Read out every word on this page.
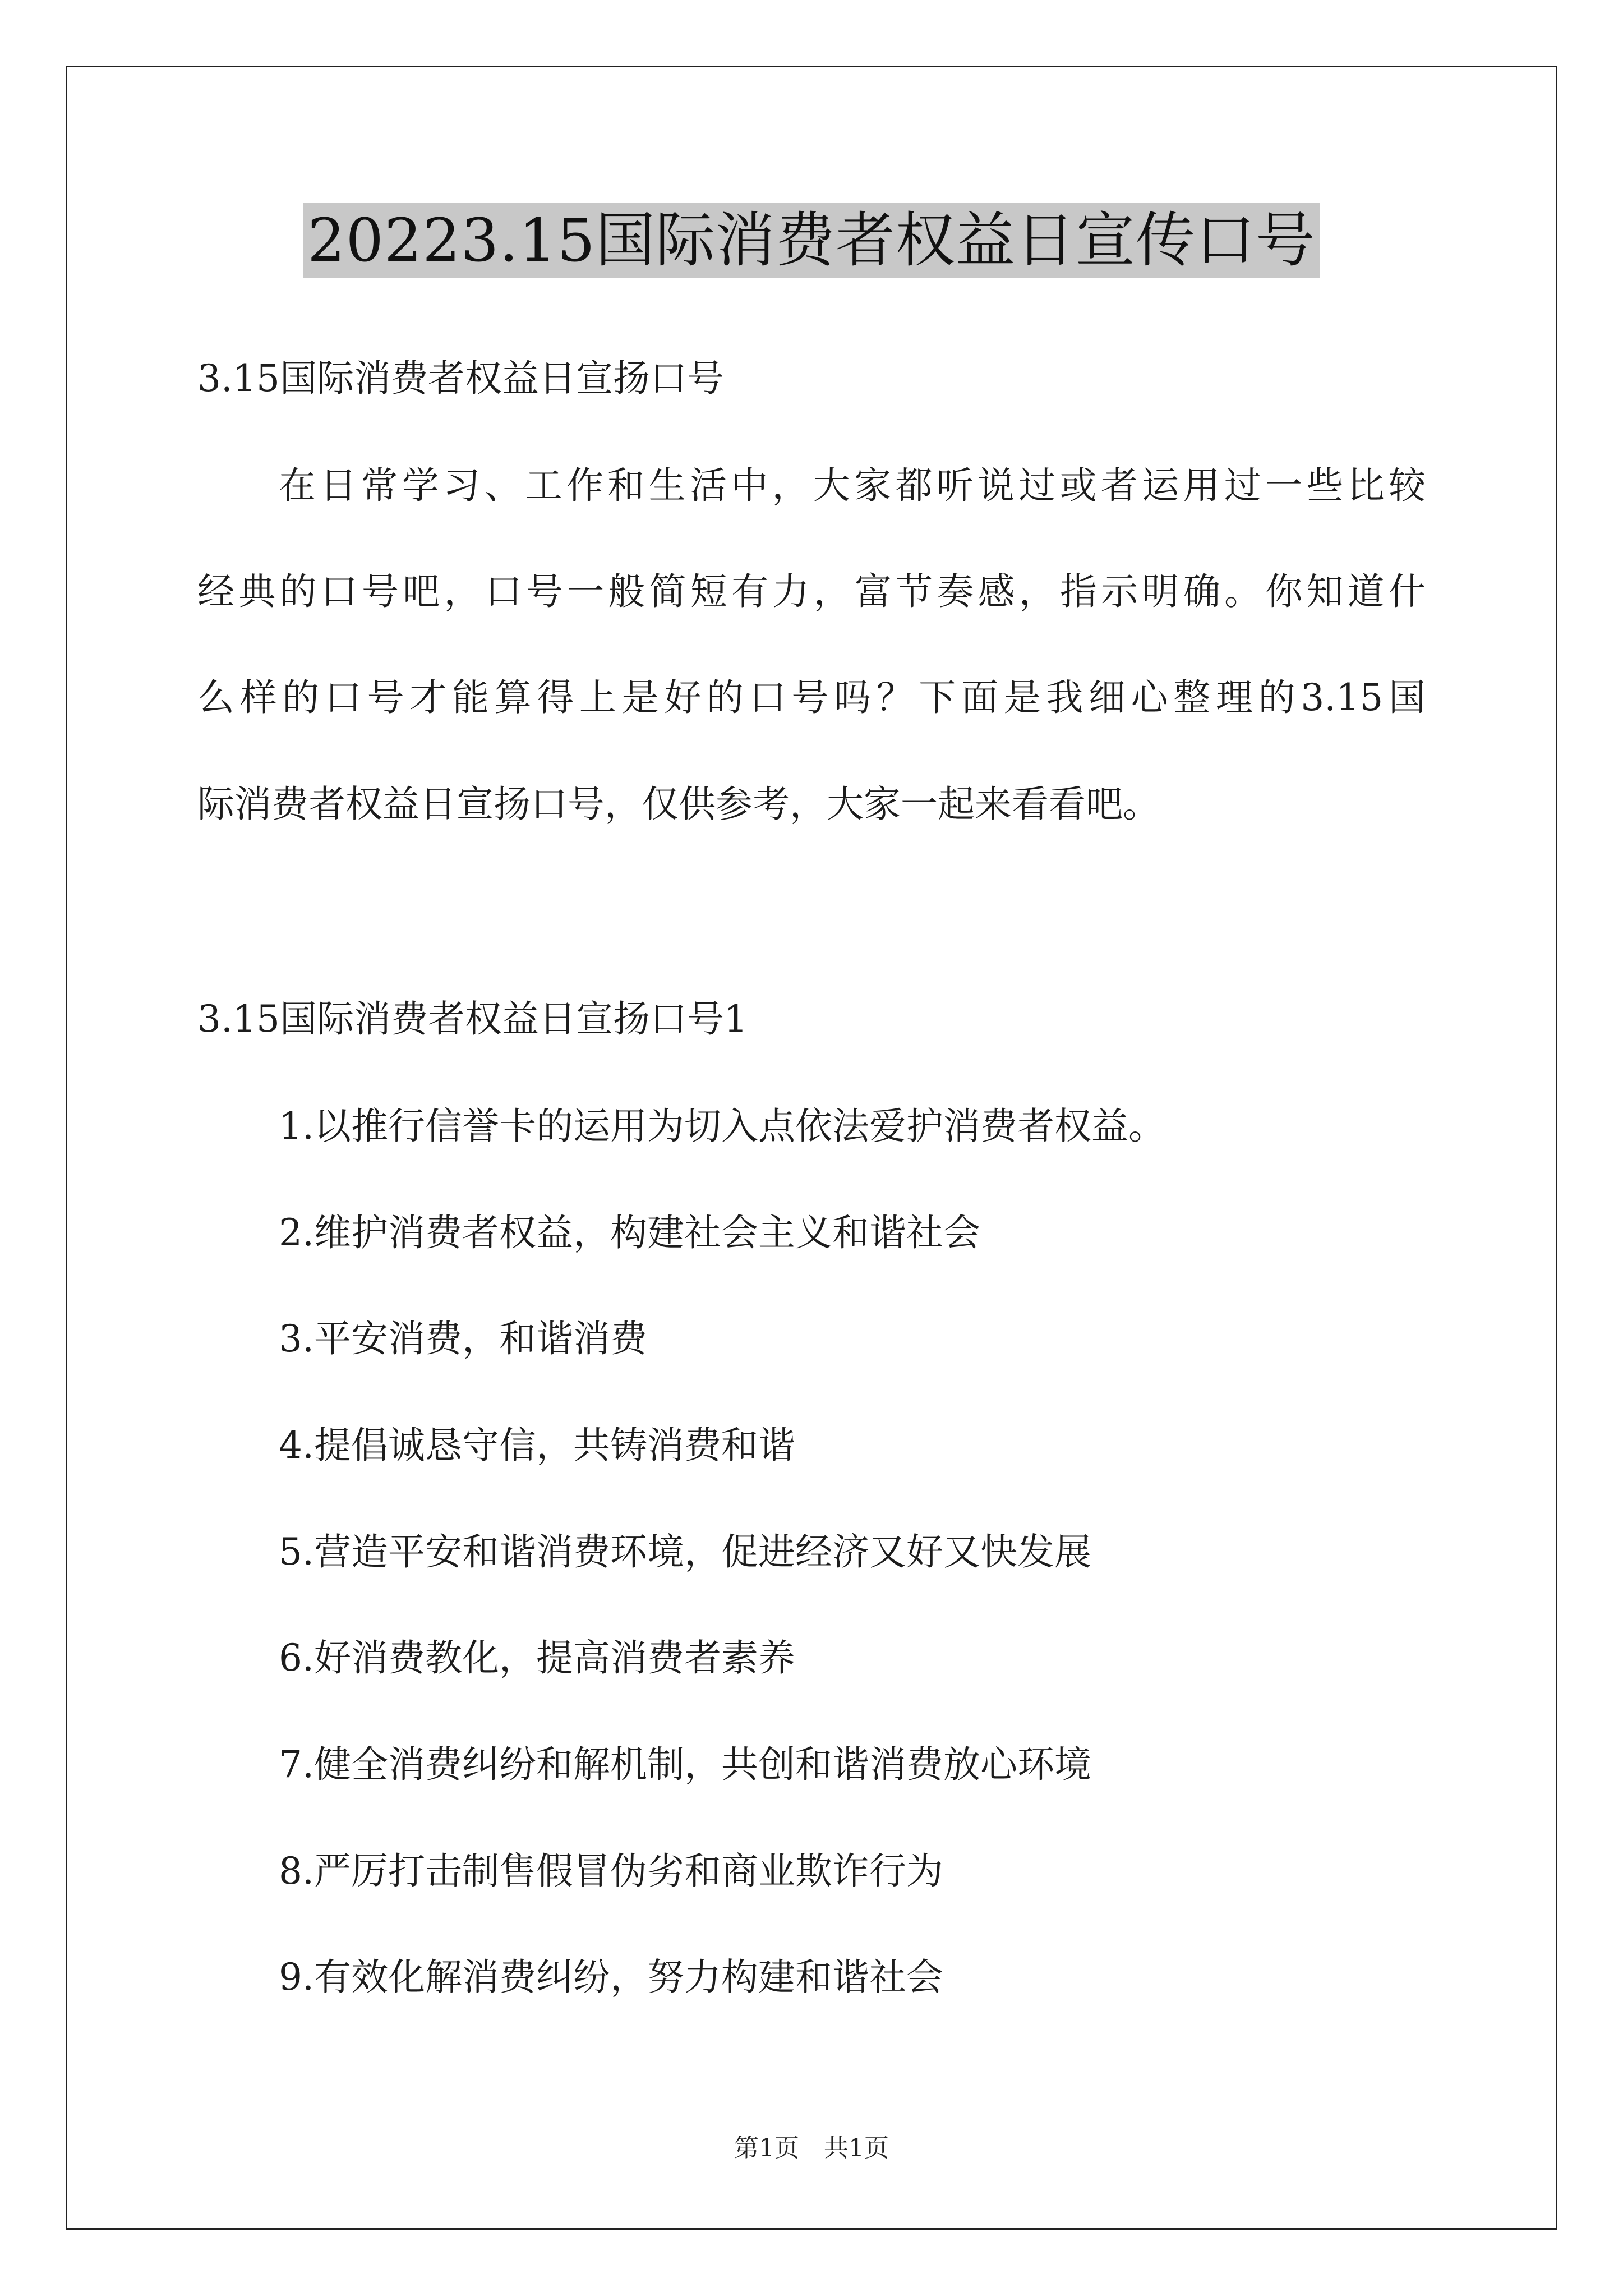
20223.15国际消费者权益日宣传口号
3.15国际消费者权益日宣扬口号
在日常学习、工作和生活中，大家都听说过或者运用过一些比较
经典的口号吧，口号一般简短有力，富节奏感，指示明确。你知道什
么样的口号才能算得上是好的口号吗？下面是我细心整理的3.15国
际消费者权益日宣扬口号，仅供参考，大家一起来看看吧。
3.15国际消费者权益日宣扬口号1
1.以推行信誉卡的运用为切入点依法爱护消费者权益。
2.维护消费者权益，构建社会主义和谐社会
3.平安消费，和谐消费
4.提倡诚恳守信，共铸消费和谐
5.营造平安和谐消费环境，促进经济又好又快发展
6.好消费教化，提高消费者素养
7.健全消费纠纷和解机制，共创和谐消费放心环境
8.严厉打击制售假冒伪劣和商业欺诈行为
9.有效化解消费纠纷，努力构建和谐社会
第1页 共1页
